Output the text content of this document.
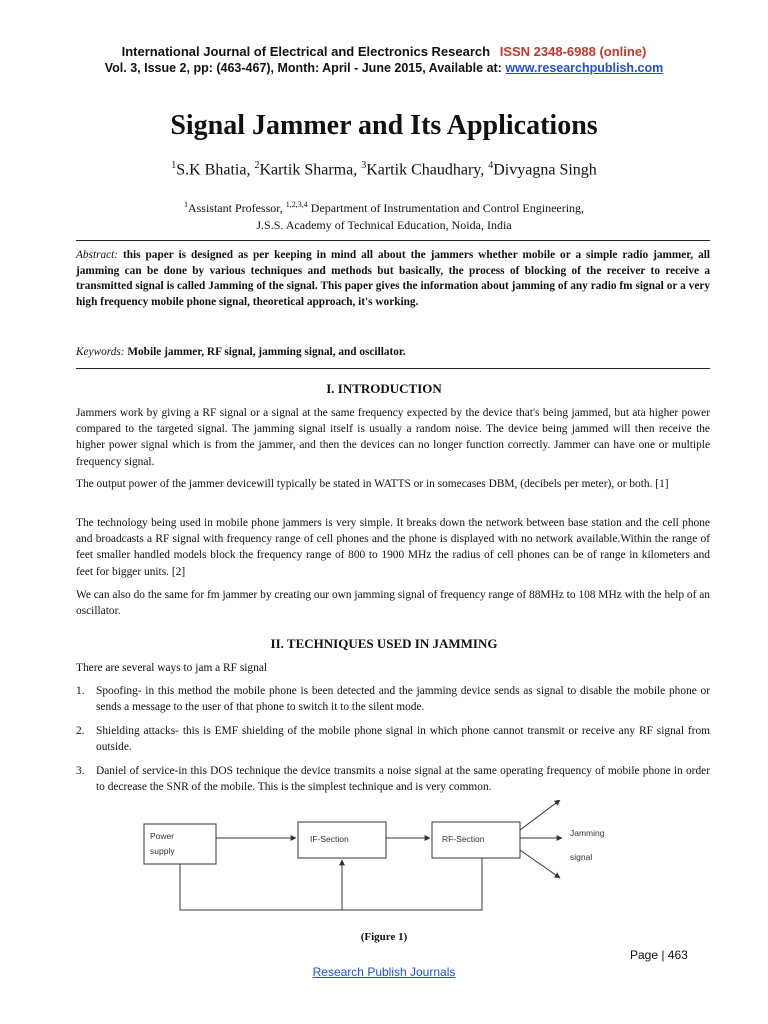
International Journal of Electrical and Electronics Research ISSN 2348-6988 (online)
Vol. 3, Issue 2, pp: (463-467), Month: April - June 2015, Available at: www.researchpublish.com
Signal Jammer and Its Applications
$^1$S.K Bhatia, $^2$Kartik Sharma, $^3$Kartik Chaudhary, $^4$Divyagna Singh
$^1$Assistant Professor, $^{1,2,3,4}$ Department of Instrumentation and Control Engineering,
J.S.S. Academy of Technical Education, Noida, India
Abstract: this paper is designed as per keeping in mind all about the jammers whether mobile or a simple radio jammer, all jamming can be done by various techniques and methods but basically, the process of blocking of the receiver to receive a transmitted signal is called Jamming of the signal. This paper gives the information about jamming of any radio fm signal or a very high frequency mobile phone signal, theoretical approach, it's working.
Keywords: Mobile jammer, RF signal, jamming signal, and oscillator.
I. INTRODUCTION
Jammers work by giving a RF signal or a signal at the same frequency expected by the device that's being jammed, but ata higher power compared to the targeted signal. The jamming signal itself is usually a random noise. The device being jammed will then receive the higher power signal which is from the jammer, and then the devices can no longer function correctly. Jammer can have one or multiple frequency signal.
The output power of the jammer devicewill typically be stated in WATTS or in somecases DBM, (decibels per meter), or both. [1]
The technology being used in mobile phone jammers is very simple. It breaks down the network between base station and the cell phone and broadcasts a RF signal with frequency range of cell phones and the phone is displayed with no network available.Within the range of feet smaller handled models block the frequency range of 800 to 1900 MHz the radius of cell phones can be of range in kilometers and feet for bigger units. [2]
We can also do the same for fm jammer by creating our own jamming signal of frequency range of 88MHz to 108 MHz with the help of an oscillator.
II. TECHNIQUES USED IN JAMMING
There are several ways to jam a RF signal
1. Spoofing- in this method the mobile phone is been detected and the jamming device sends as signal to disable the mobile phone or sends a message to the user of that phone to switch it to the silent mode.
2. Shielding attacks- this is EMF shielding of the mobile phone signal in which phone cannot transmit or receive any RF signal from outside.
3. Daniel of service-in this DOS technique the device transmits a noise signal at the same operating frequency of mobile phone in order to decrease the SNR of the mobile. This is the simplest technique and is very common.
Power
supply
IF-Section	RF-Section
Jamming
signal
(Figure 1)
Page | 463
Research Publish Journals
